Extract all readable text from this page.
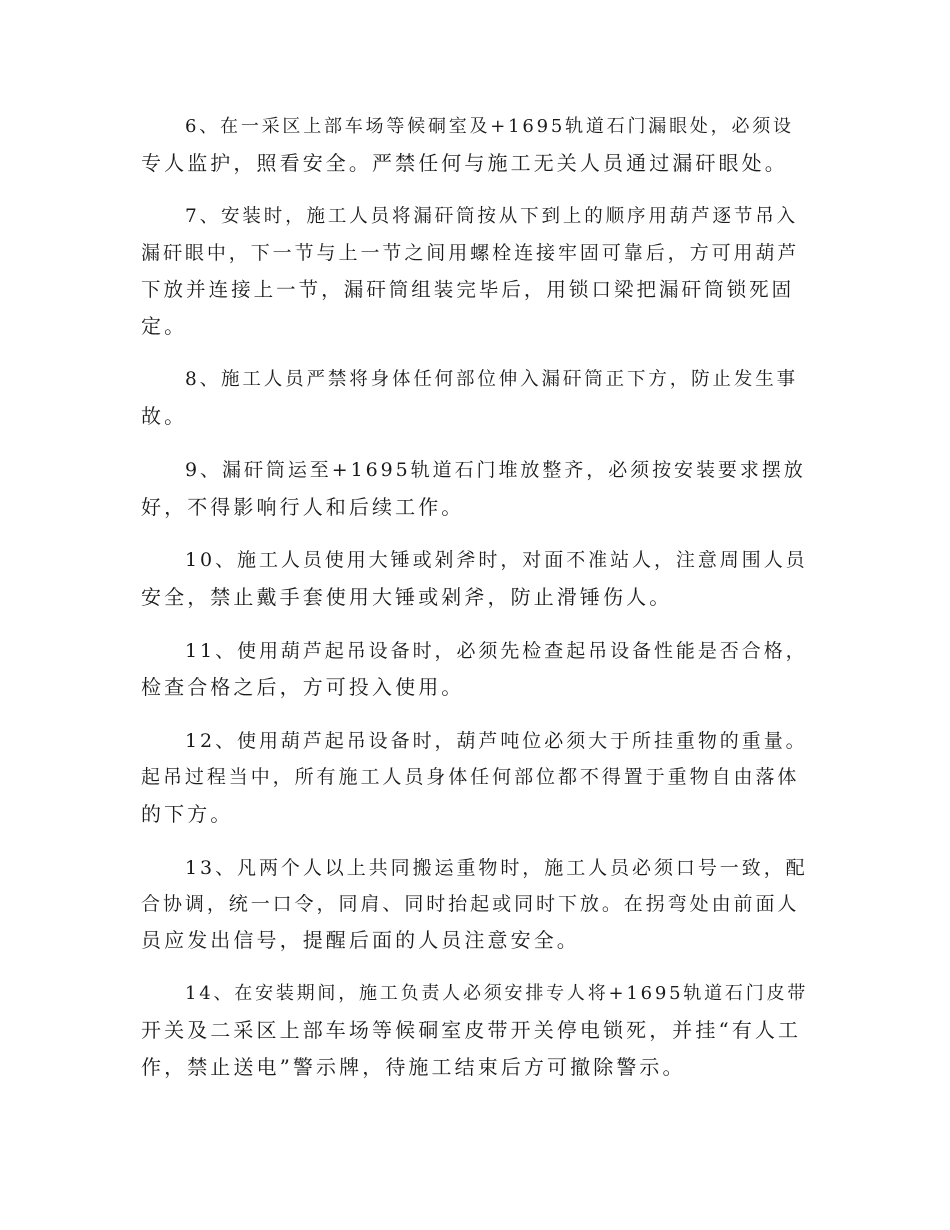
6、在一采区上部车场等候硐室及+1695轨道石门漏眼处，必须设

专人监护，照看安全。严禁任何与施工无关人员通过漏矸眼处。

7、安装时，施工人员将漏矸筒按从下到上的顺序用葫芦逐节吊入

漏矸眼中，下一节与上一节之间用螺栓连接牢固可靠后，方可用葫芦

下放并连接上一节，漏矸筒组装完毕后，用锁口梁把漏矸筒锁死固

定。

8、施工人员严禁将身体任何部位伸入漏矸筒正下方，防止发生事

故。

9、漏矸筒运至+1695轨道石门堆放整齐，必须按安装要求摆放

好，不得影响行人和后续工作。

10、施工人员使用大锤或剁斧时，对面不准站人，注意周围人员

安全，禁止戴手套使用大锤或剁斧，防止滑锤伤人。

11、使用葫芦起吊设备时，必须先检查起吊设备性能是否合格，

检查合格之后，方可投入使用。

12、使用葫芦起吊设备时，葫芦吨位必须大于所挂重物的重量。

起吊过程当中，所有施工人员身体任何部位都不得置于重物自由落体

的下方。

13、凡两个人以上共同搬运重物时，施工人员必须口号一致，配

合协调，统一口令，同肩、同时抬起或同时下放。在拐弯处由前面人

员应发出信号，提醒后面的人员注意安全。

14、在安装期间，施工负责人必须安排专人将+1695轨道石门皮带

开关及二采区上部车场等候硐室皮带开关停电锁死，并挂“有人工

作，禁止送电”警示牌，待施工结束后方可撤除警示。
